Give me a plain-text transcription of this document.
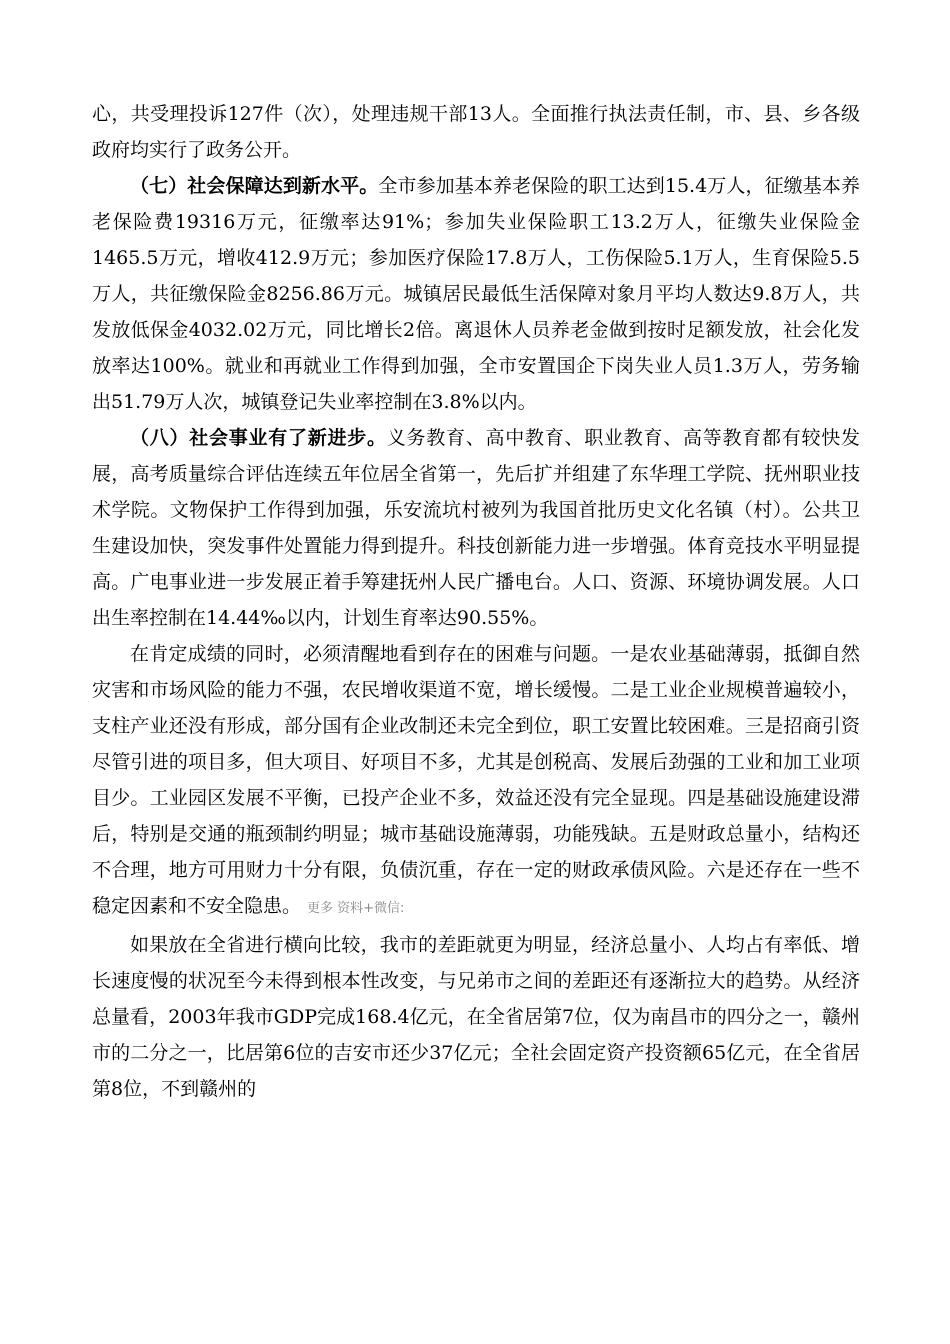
心，共受理投诉127件（次），处理违规干部13人。全面推行执法责任制，市、县、乡各级政府均实行了政务公开。

（七）社会保障达到新水平。全市参加基本养老保险的职工达到15.4万人，征缴基本养老保险费19316万元，征缴率达91%；参加失业保险职工13.2万人，征缴失业保险金1465.5万元，增收412.9万元；参加医疗保险17.8万人，工伤保险5.1万人，生育保险5.5万人，共征缴保险金8256.86万元。城镇居民最低生活保障对象月平均人数达9.8万人，共发放低保金4032.02万元，同比增长2倍。离退休人员养老金做到按时足额发放，社会化发放率达100%。就业和再就业工作得到加强，全市安置国企下岗失业人员1.3万人，劳务输出51.79万人次，城镇登记失业率控制在3.8%以内。

（八）社会事业有了新进步。义务教育、高中教育、职业教育、高等教育都有较快发展，高考质量综合评估连续五年位居全省第一，先后扩并组建了东华理工学院、抚州职业技术学院。文物保护工作得到加强，乐安流坑村被列为我国首批历史文化名镇（村）。公共卫生建设加快，突发事件处置能力得到提升。科技创新能力进一步增强。体育竞技水平明显提高。广电事业进一步发展正着手筹建抚州人民广播电台。人口、资源、环境协调发展。人口出生率控制在14.44‰以内，计划生育率达90.55%。

在肯定成绩的同时，必须清醒地看到存在的困难与问题。一是农业基础薄弱，抵御自然灾害和市场风险的能力不强，农民增收渠道不宽，增长缓慢。二是工业企业规模普遍较小，支柱产业还没有形成，部分国有企业改制还未完全到位，职工安置比较困难。三是招商引资尽管引进的项目多，但大项目、好项目不多，尤其是创税高、发展后劲强的工业和加工业项目少。工业园区发展不平衡，已投产企业不多，效益还没有完全显现。四是基础设施建设滞后，特别是交通的瓶颈制约明显；城市基础设施薄弱，功能残缺。五是财政总量小，结构还不合理，地方可用财力十分有限，负债沉重，存在一定的财政承债风险。六是还存在一些不稳定因素和不安全隐患。 更多 资料+微信:

如果放在全省进行横向比较，我市的差距就更为明显，经济总量小、人均占有率低、增长速度慢的状况至今未得到根本性改变，与兄弟市之间的差距还有逐渐拉大的趋势。从经济总量看，2003年我市GDP完成168.4亿元，在全省居第7位，仅为南昌市的四分之一，赣州市的二分之一，比居第6位的吉安市还少37亿元；全社会固定资产投资额65亿元，在全省居第8位，不到赣州的
